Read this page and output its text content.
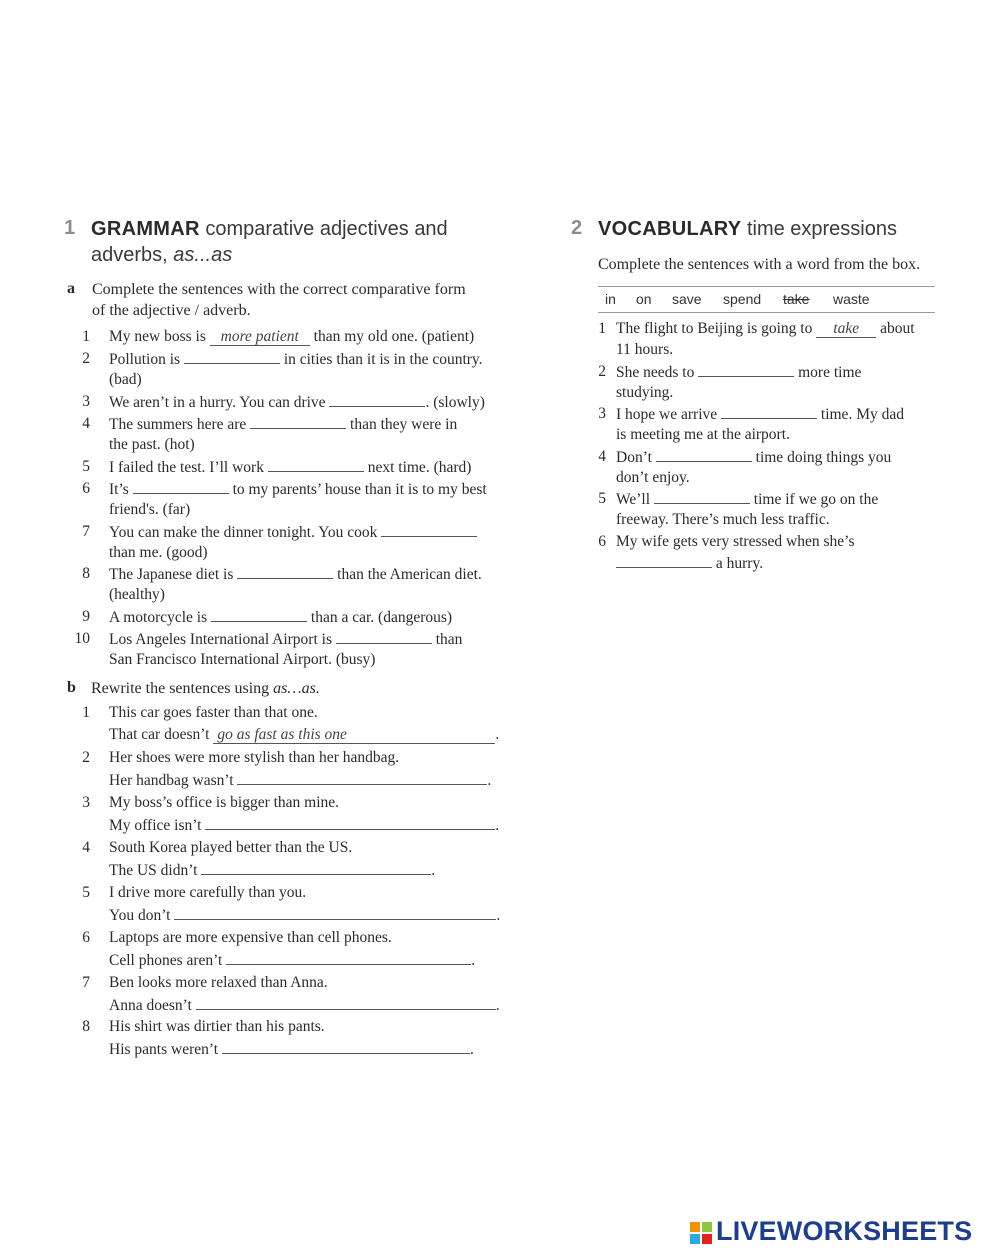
1 GRAMMAR comparative adjectives and
adverbs, as...as
a Complete the sentences with the correct comparative form
of the adjective / adverb.
1 My new boss is more patient than my old one. (patient)
2 Pollution is	in cities than it is in the country.
(bad)
3 We aren’t in a hurry. You can drive	. (slowly)
4 The summers here are	than they were in
the past. (hot)
5 I failed the test. I’ll work	next time. (hard)
6 It’s	to my parents’ house than it is to my best
friend's. (far)
7 You can make the dinner tonight. You cook
than me. (good)
8 The Japanese diet is	than the American diet.
(healthy)
9 A motorcycle is	than a car. (dangerous)
10 Los Angeles International Airport is	than
San Francisco International Airport. (busy)
b Rewrite the sentences using as…as.
1 This car goes faster than that one.
That car doesn’t go as fast as this one	.
2 Her shoes were more stylish than her handbag.
Her handbag wasn’t	.
3 My boss’s office is bigger than mine.
My office isn’t	.
4 South Korea played better than the US.
The US didn’t	.
5 I drive more carefully than you.
You don’t	.
6 Laptops are more expensive than cell phones.
Cell phones aren’t	.
7 Ben looks more relaxed than Anna.
Anna doesn’t	.
8 His shirt was dirtier than his pants.
His pants weren’t	.
2 VOCABULARY time expressions
Complete the sentences with a word from the box.
in on save spend take waste
1 The flight to Beijing is going to take about
11 hours.
2 She needs to	more time
studying.
3 I hope we arrive	time. My dad
is meeting me at the airport.
4 Don’t	time doing things you
don’t enjoy.
5 We’ll	time if we go on the
freeway. There’s much less traffic.
6 My wife gets very stressed when she’s
a hurry.
LIVEWORKSHEETS
